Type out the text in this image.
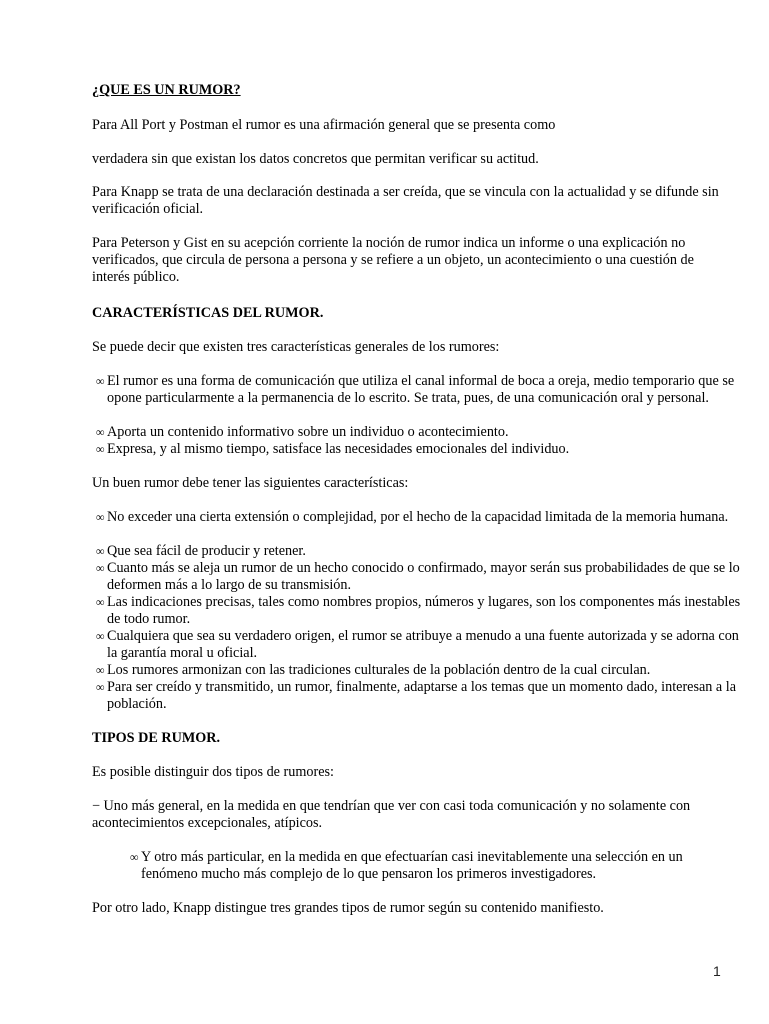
¿QUE ES UN RUMOR?

Para All Port y Postman el rumor es una afirmación general que se presenta como

verdadera sin que existan los datos concretos que permitan verificar su actitud.

Para Knapp se trata de una declaración destinada a ser creída, que se vincula con la actualidad y se difunde sin verificación oficial.

Para Peterson y Gist en su acepción corriente la noción de rumor indica un informe o una explicación no verificados, que circula de persona a persona y se refiere a un objeto, un acontecimiento o una cuestión de interés público.

CARACTERÍSTICAS DEL RUMOR.

Se puede decir que existen tres características generales de los rumores:

∞ El rumor es una forma de comunicación que utiliza el canal informal de boca a oreja, medio temporario que se opone particularmente a la permanencia de lo escrito. Se trata, pues, de una comunicación oral y personal.

∞ Aporta un contenido informativo sobre un individuo o acontecimiento.

∞ Expresa, y al mismo tiempo, satisface las necesidades emocionales del individuo.

Un buen rumor debe tener las siguientes características:

∞ No exceder una cierta extensión o complejidad, por el hecho de la capacidad limitada de la memoria humana.

∞ Que sea fácil de producir y retener.

∞ Cuanto más se aleja un rumor de un hecho conocido o confirmado, mayor serán sus probabilidades de que se lo deformen más a lo largo de su transmisión.

∞ Las indicaciones precisas, tales como nombres propios, números y lugares, son los componentes más inestables de todo rumor.

∞ Cualquiera que sea su verdadero origen, el rumor se atribuye a menudo a una fuente autorizada y se adorna con la garantía moral u oficial.

∞ Los rumores armonizan con las tradiciones culturales de la población dentro de la cual circulan.

∞ Para ser creído y transmitido, un rumor, finalmente, adaptarse a los temas que un momento dado, interesan a la población.

TIPOS DE RUMOR.

Es posible distinguir dos tipos de rumores:

− Uno más general, en la medida en que tendrían que ver con casi toda comunicación y no solamente con acontecimientos excepcionales, atípicos.

∞ Y otro más particular, en la medida en que efectuarían casi inevitablemente una selección en un fenómeno mucho más complejo de lo que pensaron los primeros investigadores.

Por otro lado, Knapp distingue tres grandes tipos de rumor según su contenido manifiesto.

1
